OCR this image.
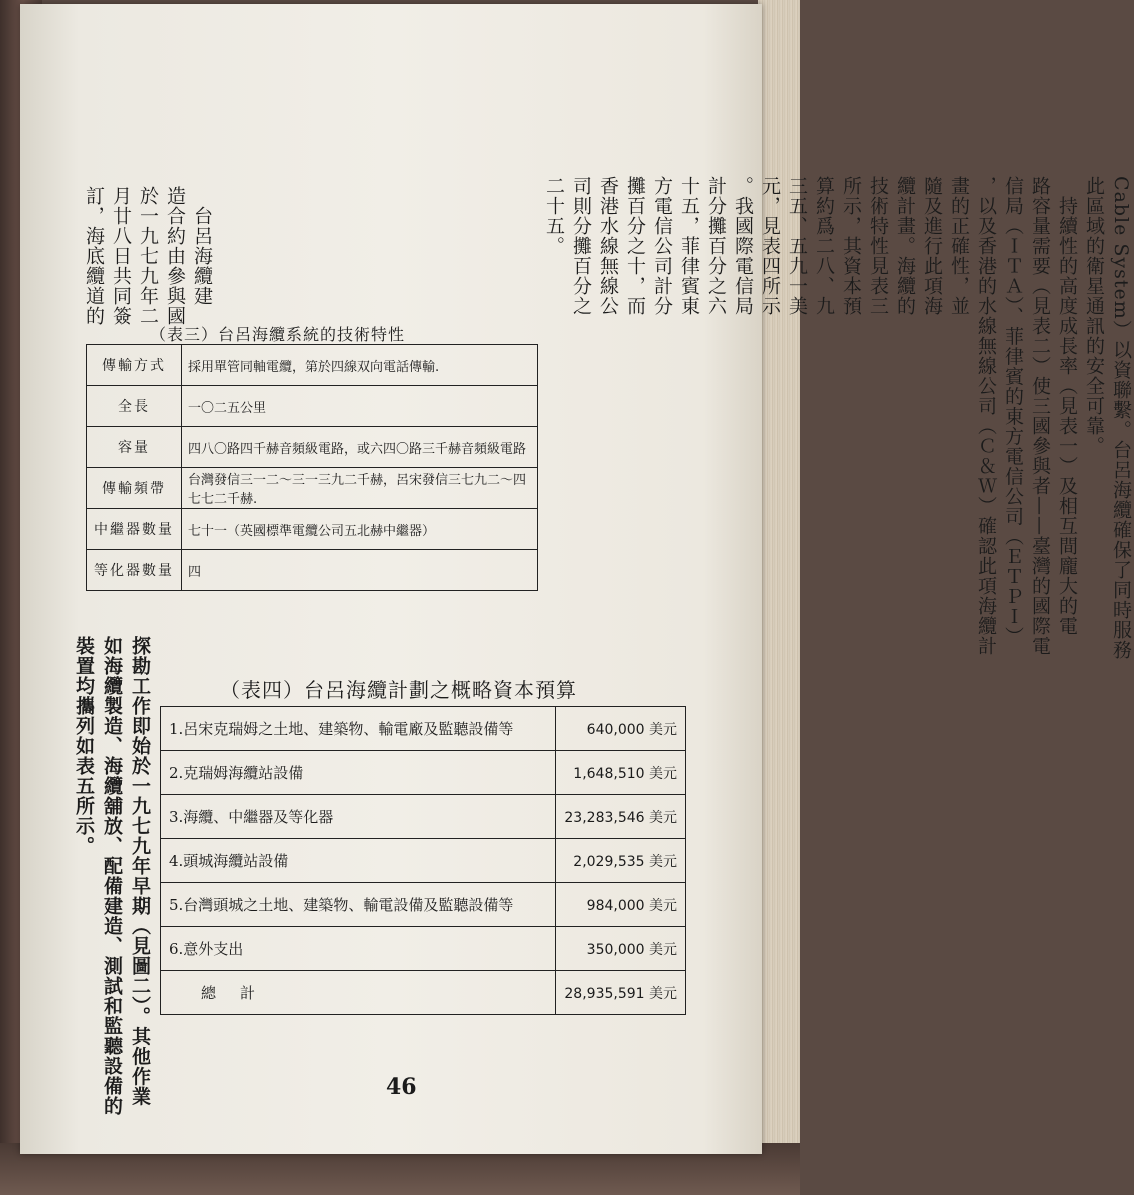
Cable System）以資聯繫。台呂海纜確保了同時服務
此區域的衛星通訊的安全可靠。
　持續性的高度成長率（見表一）及相互間龐大的電
路容量需要（見表二）使三國參與者——臺灣的國際電
信局（ＩＴＡ）、菲律賓的東方電信公司（ＥＴＰＩ）
，以及香港的水線無線公司（Ｃ＆Ｗ）確認此項海纜計
畫的正確性，並
隨及進行此項海
纜計畫。海纜的
技術特性見表三
所示，其資本預
算約爲二八、九
三五、五九一美
元，見表四所示
。我國際電信局
計分攤百分之六
十五，菲律賓東
方電信公司計分
攤百分之十，而
香港水線無線公
司則分攤百分之
二十五。
　台呂海纜建
造合約由參與國
於一九七九年二
月廿八日共同簽
訂，海底纜道的
（表三）台呂海纜系統的技術特性
傳輸方式	採用單管同軸電纜，第於四線双向電話傳輸.
全長	一〇二五公里
容量	四八〇路四千赫音頻級電路，或六四〇路三千赫音頻級電路
傳輸頻帶	台灣發信三一二～三一三九二千赫，呂宋發信三七九二～四七七二千赫.
中繼器數量	七十一（英國標準電纜公司五北赫中繼器）
等化器數量	四
探勘工作即始於一九七九年早期（見圖二）。其他作業
如海纜製造、海纜舖放、配備建造、測試和監聽設備的
裝置均攜列如表五所示。	（表四）台呂海纜計劃之概略資本預算
1.呂宋克瑞姆之土地、建築物、輸電廠及監聽設備等	640,000 美元
2.克瑞姆海纜站設備	1,648,510 美元
3.海纜、中繼器及等化器	23,283,546 美元
4.頭城海纜站設備	2,029,535 美元
5.台灣頭城之土地、建築物、輸電設備及監聽設備等	984,000 美元
6.意外支出	350,000 美元
總計	28,935,591 美元
46
